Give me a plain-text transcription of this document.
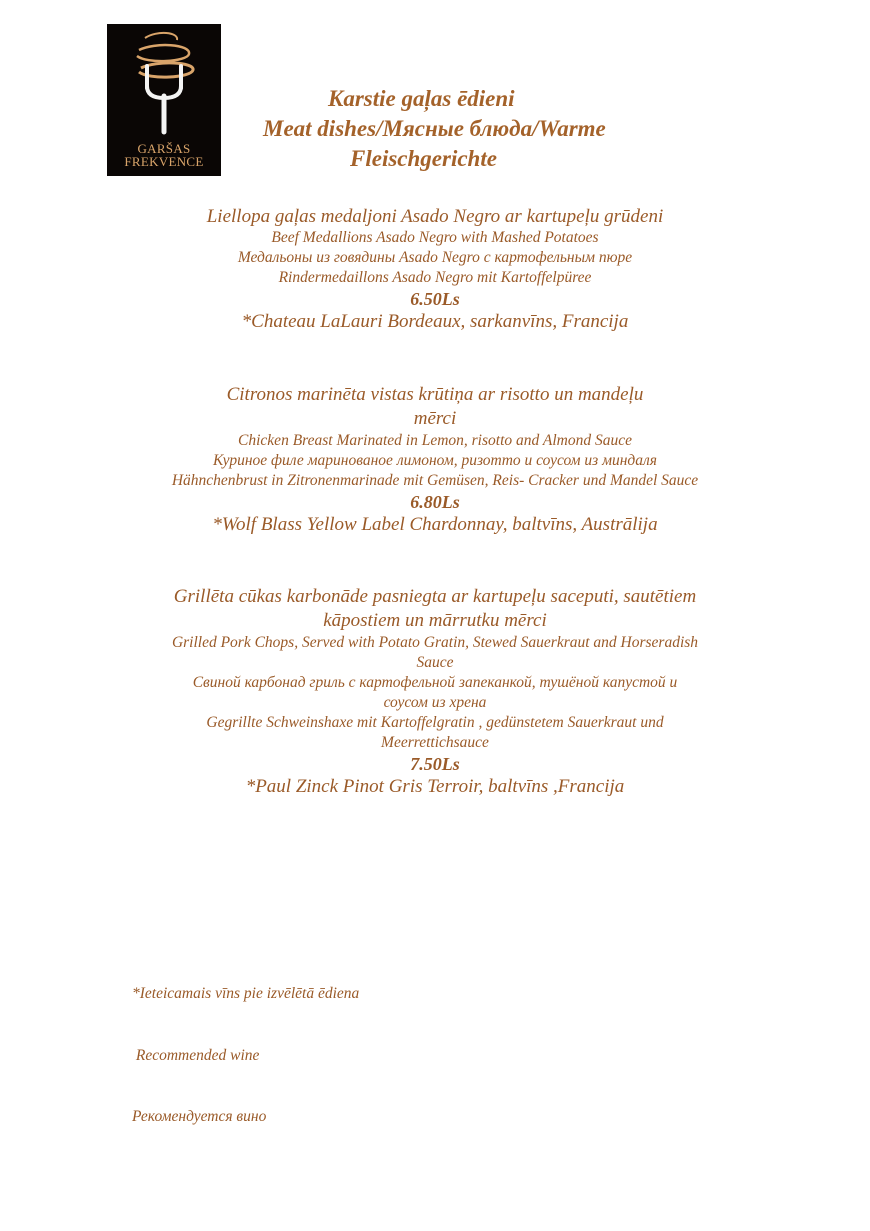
GARŠAS
FREKVENCE
Karstie gaļas ēdieni
Meat dishes/Мясные блюда/Warme
Fleischgerichte
Liellopa gaļas medaljoni Asado Negro ar kartupeļu grūdeni
Beef Medallions Asado Negro with Mashed Potatoes
Медальоны из говядины Asado Negro с картофельным пюре
Rindermedaillons Asado Negro mit Kartoffelpüree
6.50Ls
*Chateau LaLauri Bordeaux, sarkanvīns, Francija
Citronos marinēta vistas krūtiņa ar risotto un mandeļu
mērci
Chicken Breast Marinated in Lemon, risotto and Almond Sauce
Куриное филе маринованое лимоном, ризотто и соусом из миндаля
Hähnchenbrust in Zitronenmarinade mit Gemüsen, Reis- Cracker und Mandel Sauce
6.80Ls
*Wolf Blass Yellow Label Chardonnay, baltvīns, Austrālija
Grillēta cūkas karbonāde pasniegta ar kartupeļu saceputi, sautētiem
kāpostiem un mārrutku mērci
Grilled Pork Chops, Served with Potato Gratin, Stewed Sauerkraut and Horseradish
Sauce
Свиной карбонад гриль с картофельной запеканкой, тушёной капустой и
соусом из хрена
Gegrillte Schweinshaxe mit Kartoffelgratin , gedünstetem Sauerkraut und
Meerrettichsauce
7.50Ls
*Paul Zinck Pinot Gris Terroir, baltvīns ,Francija

*Ieteicamais vīns pie izvēlētā ēdiena

Recommended wine

Рекомендуется вино
